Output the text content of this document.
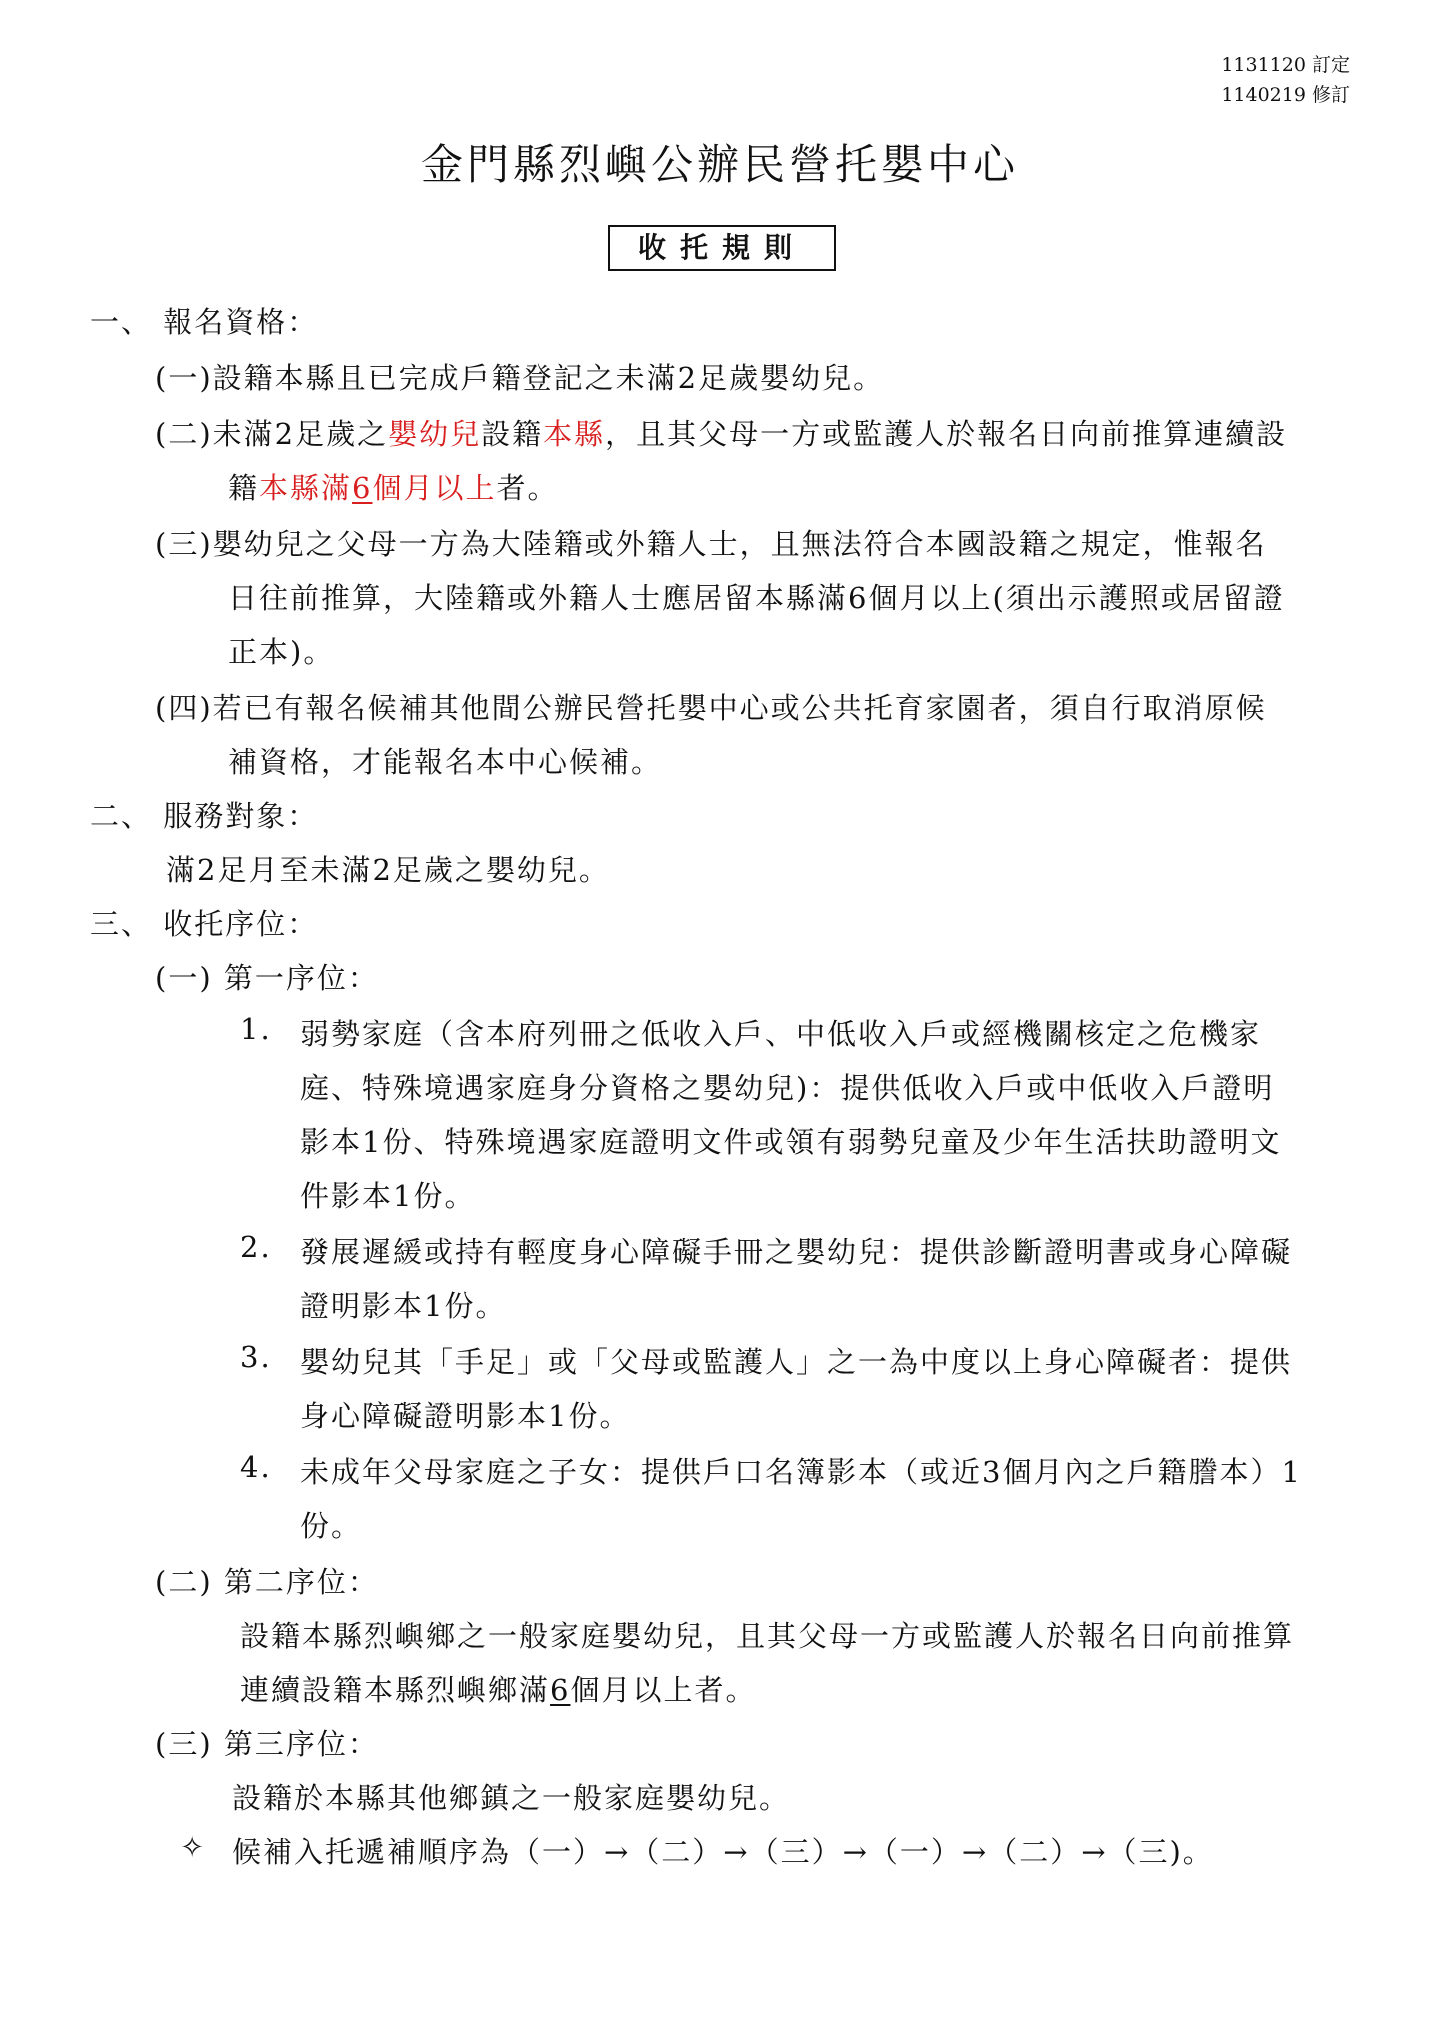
1131120 訂定
1140219 修訂
金門縣烈嶼公辦民營托嬰中心
收托規則
一、 報名資格：
(一)設籍本縣且已完成戶籍登記之未滿2足歲嬰幼兒。
(二)未滿2足歲之嬰幼兒設籍本縣，且其父母一方或監護人於報名日向前推算連續設
籍本縣滿6個月以上者。
(三)嬰幼兒之父母一方為大陸籍或外籍人士，且無法符合本國設籍之規定，惟報名
日往前推算，大陸籍或外籍人士應居留本縣滿6個月以上(須出示護照或居留證
正本)。
(四)若已有報名候補其他間公辦民營托嬰中心或公共托育家園者，須自行取消原候
補資格，才能報名本中心候補。
二、 服務對象：
滿2足月至未滿2足歲之嬰幼兒。
三、 收托序位：
(一) 第一序位：
1. 弱勢家庭（含本府列冊之低收入戶、中低收入戶或經機關核定之危機家
庭、特殊境遇家庭身分資格之嬰幼兒)：提供低收入戶或中低收入戶證明
影本1份、特殊境遇家庭證明文件或領有弱勢兒童及少年生活扶助證明文
件影本1份。
2. 發展遲緩或持有輕度身心障礙手冊之嬰幼兒：提供診斷證明書或身心障礙
證明影本1份。
3. 嬰幼兒其「手足」或「父母或監護人」之一為中度以上身心障礙者：提供
身心障礙證明影本1份。
4. 未成年父母家庭之子女：提供戶口名簿影本（或近3個月內之戶籍謄本）1
份。
(二) 第二序位：
設籍本縣烈嶼鄉之一般家庭嬰幼兒，且其父母一方或監護人於報名日向前推算
連續設籍本縣烈嶼鄉滿6個月以上者。
(三) 第三序位：
設籍於本縣其他鄉鎮之一般家庭嬰幼兒。
✧ 候補入托遞補順序為（一）→（二）→（三）→（一）→（二）→（三)。
